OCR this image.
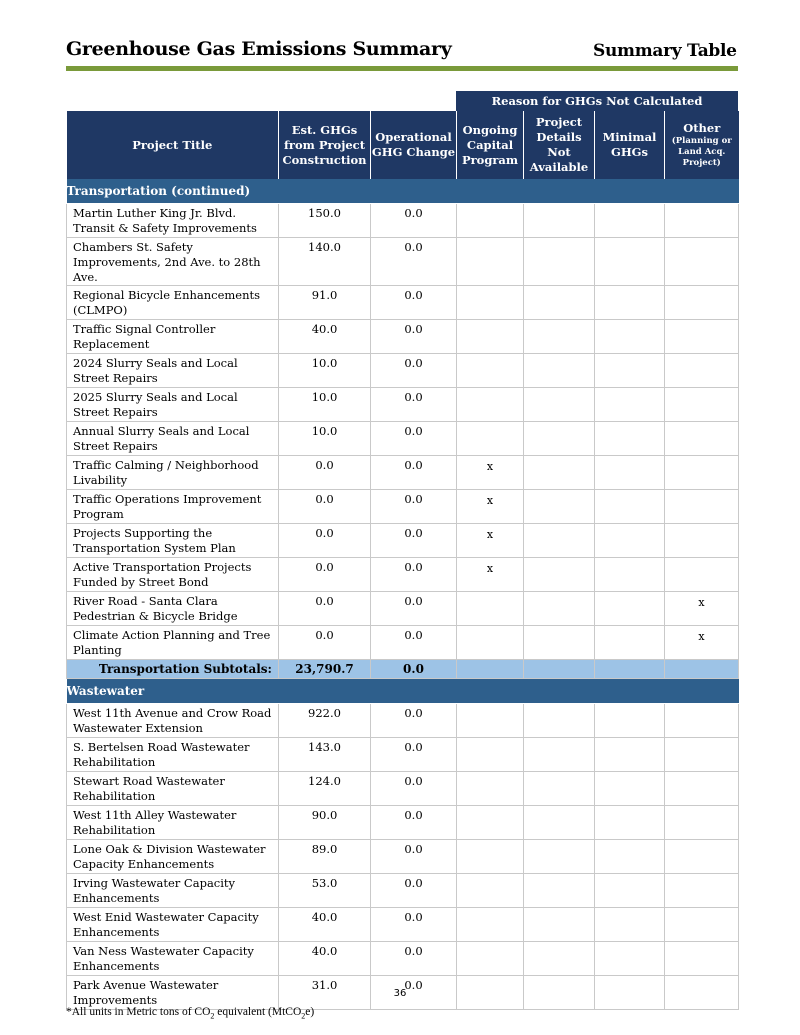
Greenhouse Gas Emissions Summary	Summary Table
Reason for GHGs Not Calculated
Project Title	Est. GHGs from Project Construction	Operational GHG Change	Ongoing Capital Program	Project Details Not Available	Minimal GHGs	Other
(Planning or Land Acq. Project)

Transportation (continued)						
Martin Luther King Jr. Blvd. Transit & Safety Improvements	150.0	0.0				
Chambers St. Safety Improvements, 2nd Ave. to 28th Ave.	140.0	0.0				
Regional Bicycle Enhancements (CLMPO)	91.0	0.0				
Traffic Signal Controller Replacement	40.0	0.0				
2024 Slurry Seals and Local Street Repairs	10.0	0.0				
2025 Slurry Seals and Local Street Repairs	10.0	0.0				
Annual Slurry Seals and Local Street Repairs	10.0	0.0				
Traffic Calming / Neighborhood Livability	0.0	0.0	x			
Traffic Operations Improvement Program	0.0	0.0	x			
Projects Supporting the Transportation System Plan	0.0	0.0	x			
Active Transportation Projects Funded by Street Bond	0.0	0.0	x			
River Road - Santa Clara Pedestrian & Bicycle Bridge	0.0	0.0				x
Climate Action Planning and Tree Planting	0.0	0.0				x
Transportation Subtotals:	23,790.7	0.0				
Wastewater						
West 11th Avenue and Crow Road Wastewater Extension	922.0	0.0				
S. Bertelsen Road Wastewater Rehabilitation	143.0	0.0				
Stewart Road Wastewater Rehabilitation	124.0	0.0				
West 11th Alley Wastewater Rehabilitation	90.0	0.0				
Lone Oak & Division Wastewater Capacity Enhancements	89.0	0.0				
Irving Wastewater Capacity Enhancements	53.0	0.0				
West Enid Wastewater Capacity Enhancements	40.0	0.0				
Van Ness Wastewater Capacity Enhancements	40.0	0.0				
Park Avenue Wastewater Improvements	31.0	0.0				
36
*All units in Metric tons of $CO_2$ equivalent (MtCO$_2$e)
